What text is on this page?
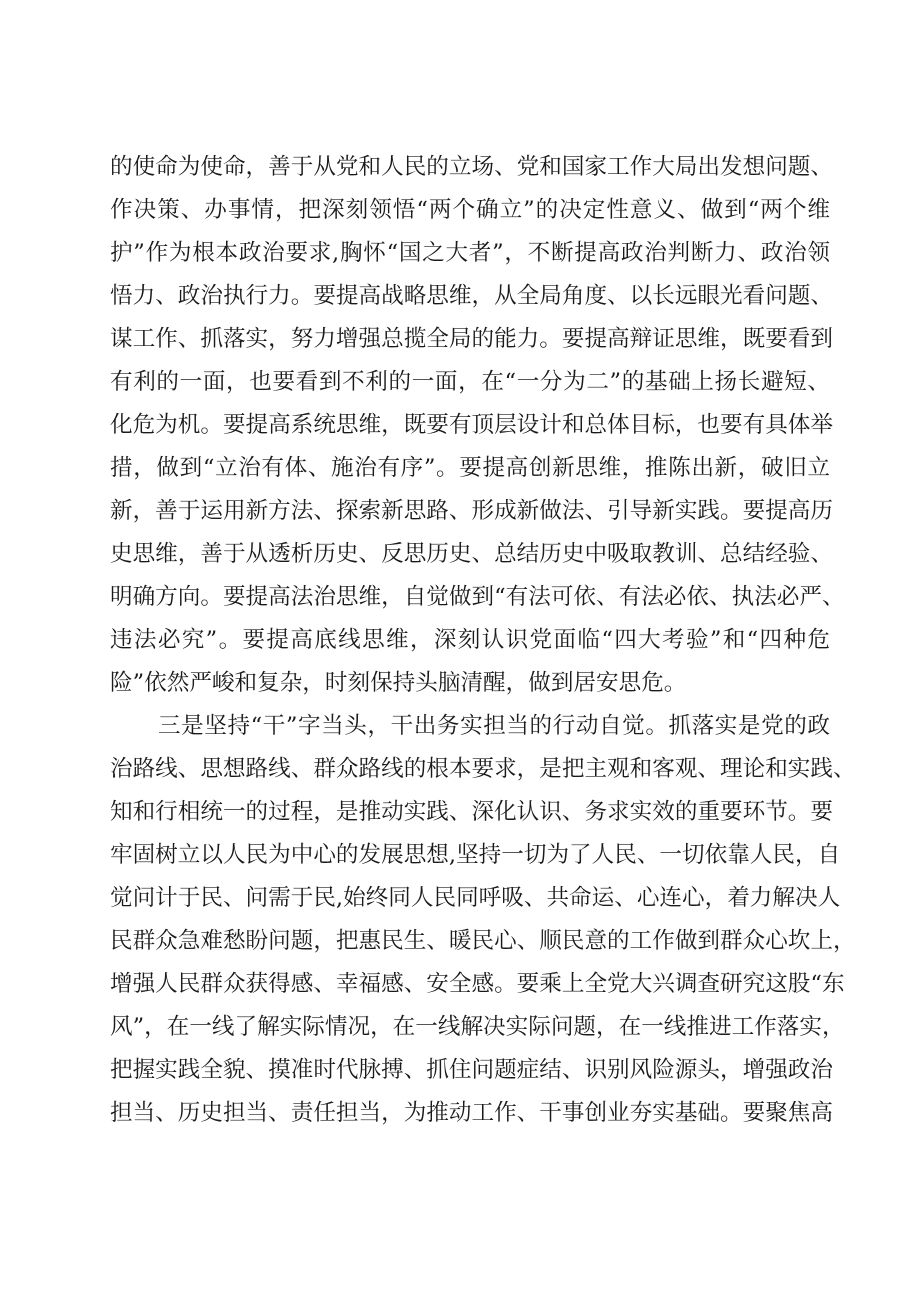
的使命为使命，善于从党和人民的立场、党和国家工作大局出发想问题、
作决策、办事情，把深刻领悟“两个确立”的决定性意义、做到“两个维
护”作为根本政治要求,胸怀“国之大者”，不断提高政治判断力、政治领
悟力、政治执行力。要提高战略思维，从全局角度、以长远眼光看问题、
谋工作、抓落实，努力增强总揽全局的能力。要提高辩证思维，既要看到
有利的一面，也要看到不利的一面，在“一分为二”的基础上扬长避短、
化危为机。要提高系统思维，既要有顶层设计和总体目标，也要有具体举
措，做到“立治有体、施治有序”。要提高创新思维，推陈出新，破旧立
新，善于运用新方法、探索新思路、形成新做法、引导新实践。要提高历
史思维，善于从透析历史、反思历史、总结历史中吸取教训、总结经验、
明确方向。要提高法治思维，自觉做到“有法可依、有法必依、执法必严、
违法必究”。要提高底线思维，深刻认识党面临“四大考验”和“四种危
险”依然严峻和复杂，时刻保持头脑清醒，做到居安思危。
三是坚持“干”字当头，干出务实担当的行动自觉。抓落实是党的政
治路线、思想路线、群众路线的根本要求，是把主观和客观、理论和实践、
知和行相统一的过程，是推动实践、深化认识、务求实效的重要环节。要
牢固树立以人民为中心的发展思想,坚持一切为了人民、一切依靠人民，自
觉问计于民、问需于民,始终同人民同呼吸、共命运、心连心，着力解决人
民群众急难愁盼问题，把惠民生、暖民心、顺民意的工作做到群众心坎上，
增强人民群众获得感、幸福感、安全感。要乘上全党大兴调查研究这股“东
风”，在一线了解实际情况，在一线解决实际问题，在一线推进工作落实，
把握实践全貌、摸准时代脉搏、抓住问题症结、识别风险源头，增强政治
担当、历史担当、责任担当，为推动工作、干事创业夯实基础。要聚焦高
